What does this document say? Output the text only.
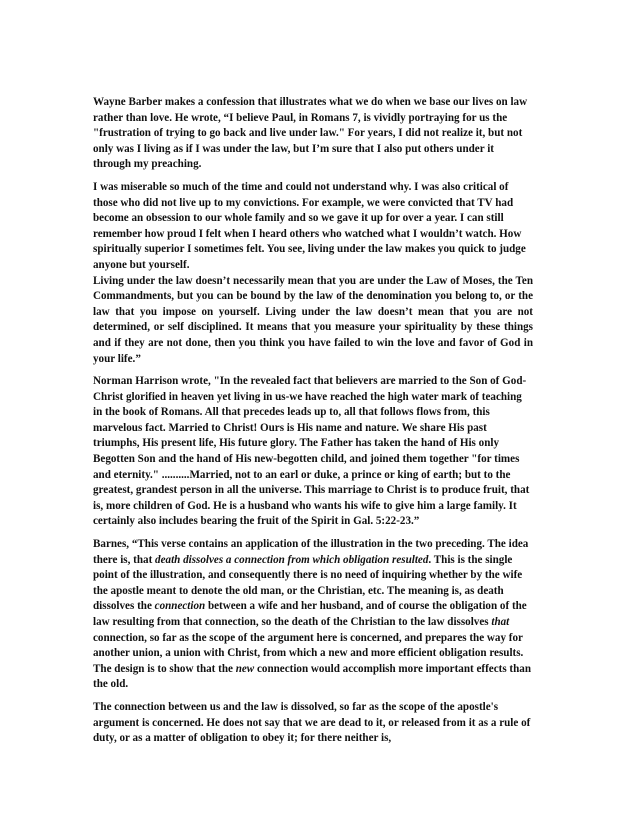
Wayne Barber makes a confession that illustrates what we do when we base our lives on law rather than love. He wrote, “I believe Paul, in Romans 7, is vividly portraying for us the "frustration of trying to go back and live under law." For years, I did not realize it, but not only was I living as if I was under the law, but I’m sure that I also put others under it through my preaching.

I was miserable so much of the time and could not understand why. I was also critical of those who did not live up to my convictions. For example, we were convicted that TV had become an obsession to our whole family and so we gave it up for over a year. I can still remember how proud I felt when I heard others who watched what I wouldn’t watch. How spiritually superior I sometimes felt. You see, living under the law makes you quick to judge anyone but yourself.

Living under the law doesn’t necessarily mean that you are under the Law of Moses, the Ten Commandments, but you can be bound by the law of the denomination you belong to, or the law that you impose on yourself. Living under the law doesn’t mean that you are not determined, or self disciplined. It means that you measure your spirituality by these things and if they are not done, then you think you have failed to win the love and favor of God in your life.”

Norman Harrison wrote, "In the revealed fact that believers are married to the Son of God-Christ glorified in heaven yet living in us-we have reached the high water mark of teaching in the book of Romans. All that precedes leads up to, all that follows flows from, this marvelous fact. Married to Christ! Ours is His name and nature. We share His past triumphs, His present life, His future glory. The Father has taken the hand of His only Begotten Son and the hand of His new-begotten child, and joined them together "for times and eternity." ..........Married, not to an earl or duke, a prince or king of earth; but to the greatest, grandest person in all the universe. This marriage to Christ is to produce fruit, that is, more children of God. He is a husband who wants his wife to give him a large family. It certainly also includes bearing the fruit of the Spirit in Gal. 5:22-23.”

Barnes, “This verse contains an application of the illustration in the two preceding. The idea there is, that death dissolves a connection from which obligation resulted. This is the single point of the illustration, and consequently there is no need of inquiring whether by the wife the apostle meant to denote the old man, or the Christian, etc. The meaning is, as death dissolves the connection between a wife and her husband, and of course the obligation of the law resulting from that connection, so the death of the Christian to the law dissolves that connection, so far as the scope of the argument here is concerned, and prepares the way for another union, a union with Christ, from which a new and more efficient obligation results. The design is to show that the new connection would accomplish more important effects than the old.

The connection between us and the law is dissolved, so far as the scope of the apostle's argument is concerned. He does not say that we are dead to it, or released from it as a rule of duty, or as a matter of obligation to obey it; for there neither is,
